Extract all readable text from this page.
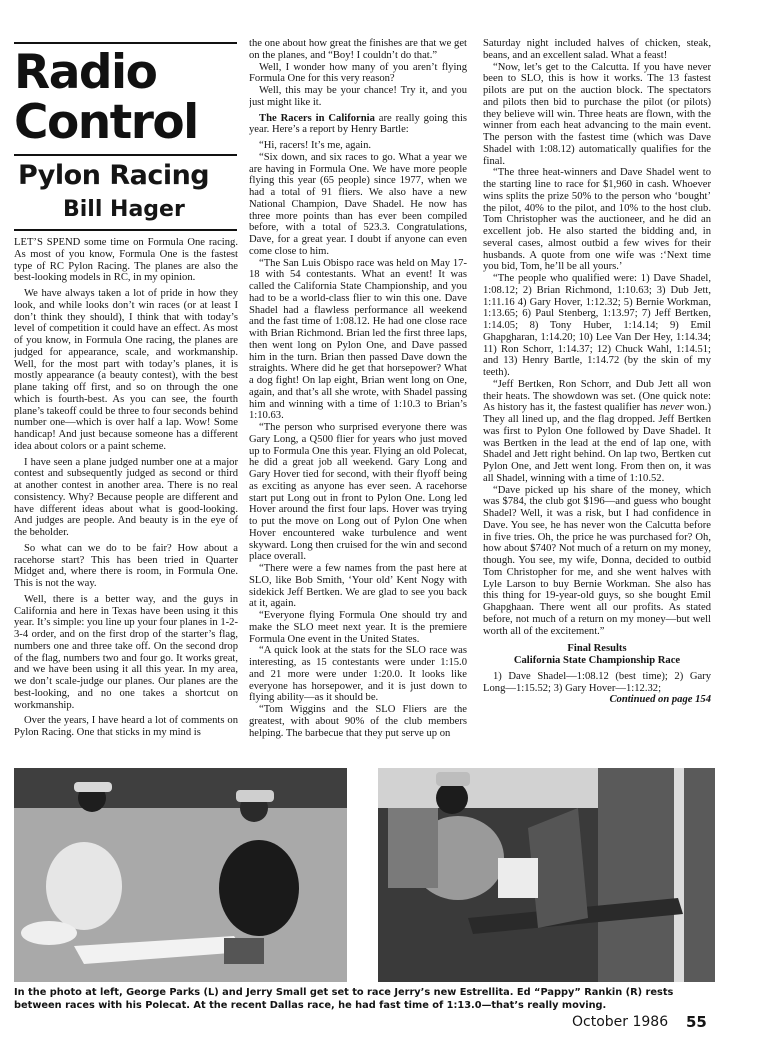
Radio
Control
Pylon Racing
Bill Hager

LET’S SPEND some time on Formula One racing. As most of you know, Formula One is the fastest type of RC Pylon Racing. The planes are also the best-looking models in RC, in my opinion.

We have always taken a lot of pride in how they look, and while looks don’t win races (or at least I don’t think they should), I think that with today’s level of competition it could have an effect. As most of you know, in Formula One racing, the planes are judged for appearance, scale, and workmanship. Well, for the most part with today’s planes, it is mostly appearance (a beauty contest), with the best plane taking off first, and so on through the one which is fourth-best. As you can see, the fourth plane’s takeoff could be three to four seconds behind number one—which is over half a lap. Wow! Some handicap! And just because someone has a different idea about colors or a paint scheme.

I have seen a plane judged number one at a major contest and subsequently judged as second or third at another contest in another area. There is no real consistency. Why? Because people are different and have different ideas about what is good-looking. And judges are people. And beauty is in the eye of the beholder.

So what can we do to be fair? How about a racehorse start? This has been tried in Quarter Midget and, where there is room, in Formula One. This is not the way.

Well, there is a better way, and the guys in California and here in Texas have been using it this year. It’s simple: you line up your four planes in 1-2-3-4 order, and on the first drop of the starter’s flag, numbers one and three take off. On the second drop of the flag, numbers two and four go. It works great, and we have been using it all this year. In my area, we don’t scale-judge our planes. Our planes are the best-looking, and no one takes a shortcut on workmanship.

Over the years, I have heard a lot of comments on Pylon Racing. One that sticks in my mind is

the one about how great the finishes are that we get on the planes, and “Boy! I couldn’t do that.”

Well, I wonder how many of you aren’t flying Formula One for this very reason?

Well, this may be your chance! Try it, and you just might like it.

The Racers in California are really going this year. Here’s a report by Henry Bartle:

“Hi, racers! It’s me, again.

“Six down, and six races to go. What a year we are having in Formula One. We have more people flying this year (65 people) since 1977, when we had a total of 91 fliers. We also have a new National Champion, Dave Shadel. He now has three more points than has ever been compiled before, with a total of 523.3. Congratulations, Dave, for a great year. I doubt if anyone can even come close to him.

“The San Luis Obispo race was held on May 17-18 with 54 contestants. What an event! It was called the California State Championship, and you had to be a world-class flier to win this one. Dave Shadel had a flawless performance all weekend and the fast time of 1:08.12. He had one close race with Brian Richmond. Brian led the first three laps, then went long on Pylon One, and Dave passed him in the turn. Brian then passed Dave down the straights. Where did he get that horsepower? What a dog fight! On lap eight, Brian went long on One, again, and that’s all she wrote, with Shadel passing him and winning with a time of 1:10.3 to Brian’s 1:10.63.

“The person who surprised everyone there was Gary Long, a Q500 flier for years who just moved up to Formula One this year. Flying an old Polecat, he did a great job all weekend. Gary Long and Gary Hover tied for second, with their flyoff being as exciting as anyone has ever seen. A racehorse start put Long out in front to Pylon One. Long led Hover around the first four laps. Hover was trying to put the move on Long out of Pylon One when Hover encountered wake turbulence and went skyward. Long then cruised for the win and second place overall.

“There were a few names from the past here at SLO, like Bob Smith, ‘Your old’ Kent Nogy with sidekick Jeff Bertken. We are glad to see you back at it, again.

“Everyone flying Formula One should try and make the SLO meet next year. It is the premiere Formula One event in the United States.

“A quick look at the stats for the SLO race was interesting, as 15 contestants were under 1:15.0 and 21 more were under 1:20.0. It looks like everyone has horsepower, and it is just down to flying ability—as it should be.

“Tom Wiggins and the SLO Fliers are the greatest, with about 90% of the club members helping. The barbecue that they put serve up on

Saturday night included halves of chicken, steak, beans, and an excellent salad. What a feast!

“Now, let’s get to the Calcutta. If you have never been to SLO, this is how it works. The 13 fastest pilots are put on the auction block. The spectators and pilots then bid to purchase the pilot (or pilots) they believe will win. Three heats are flown, with the winner from each heat advancing to the main event. The person with the fastest time (which was Dave Shadel with 1:08.12) automatically qualifies for the final.

“The three heat-winners and Dave Shadel went to the starting line to race for $1,960 in cash. Whoever wins splits the prize 50% to the person who ‘bought’ the pilot, 40% to the pilot, and 10% to the host club. Tom Christopher was the auctioneer, and he did an excellent job. He also started the bidding and, in several cases, almost outbid a few wives for their husbands. A quote from one wife was :‘Next time you bid, Tom, he’ll be all yours.’

“The people who qualified were: 1) Dave Shadel, 1:08.12; 2) Brian Richmond, 1:10.63; 3) Dub Jett, 1:11.16 4) Gary Hover, 1:12.32; 5) Bernie Workman, 1:13.65; 6) Paul Stenberg, 1:13.97; 7) Jeff Bertken, 1:14.05; 8) Tony Huber, 1:14.14; 9) Emil Ghapgharan, 1:14.20; 10) Lee Van Der Hey, 1:14.34; 11) Ron Schorr, 1:14.37; 12) Chuck Wahl, 1:14.51; and 13) Henry Bartle, 1:14.72 (by the skin of my teeth).

“Jeff Bertken, Ron Schorr, and Dub Jett all won their heats. The showdown was set. (One quick note: As history has it, the fastest qualifier has never won.) They all lined up, and the flag dropped. Jeff Bertken was first to Pylon One followed by Dave Shadel. It was Bertken in the lead at the end of lap one, with Shadel and Jett right behind. On lap two, Bertken cut Pylon One, and Jett went long. From then on, it was all Shadel, winning with a time of 1:10.52.

“Dave picked up his share of the money, which was $784, the club got $196—and guess who bought Shadel? Well, it was a risk, but I had confidence in Dave. You see, he has never won the Calcutta before in five tries. Oh, the price he was purchased for? Oh, how about $740? Not much of a return on my money, though. You see, my wife, Donna, decided to outbid Tom Christopher for me, and she went halves with Lyle Larson to buy Bernie Workman. She also has this thing for 19-year-old guys, so she bought Emil Ghapghaan. There went all our profits. As stated before, not much of a return on my money—but well worth all of the excitement.”

Final Results

California State Championship Race

1) Dave Shadel—1:08.12 (best time); 2) Gary Long—1:15.52; 3) Gary Hover—1:12.32;

Continued on page 154

In the photo at left, George Parks (L) and Jerry Small get set to race Jerry’s new Estrellita. Ed “Pappy” Rankin (R) rests between races with his Polecat. At the recent Dallas race, he had fast time of 1:13.0—that’s really moving.
October 1986 55
